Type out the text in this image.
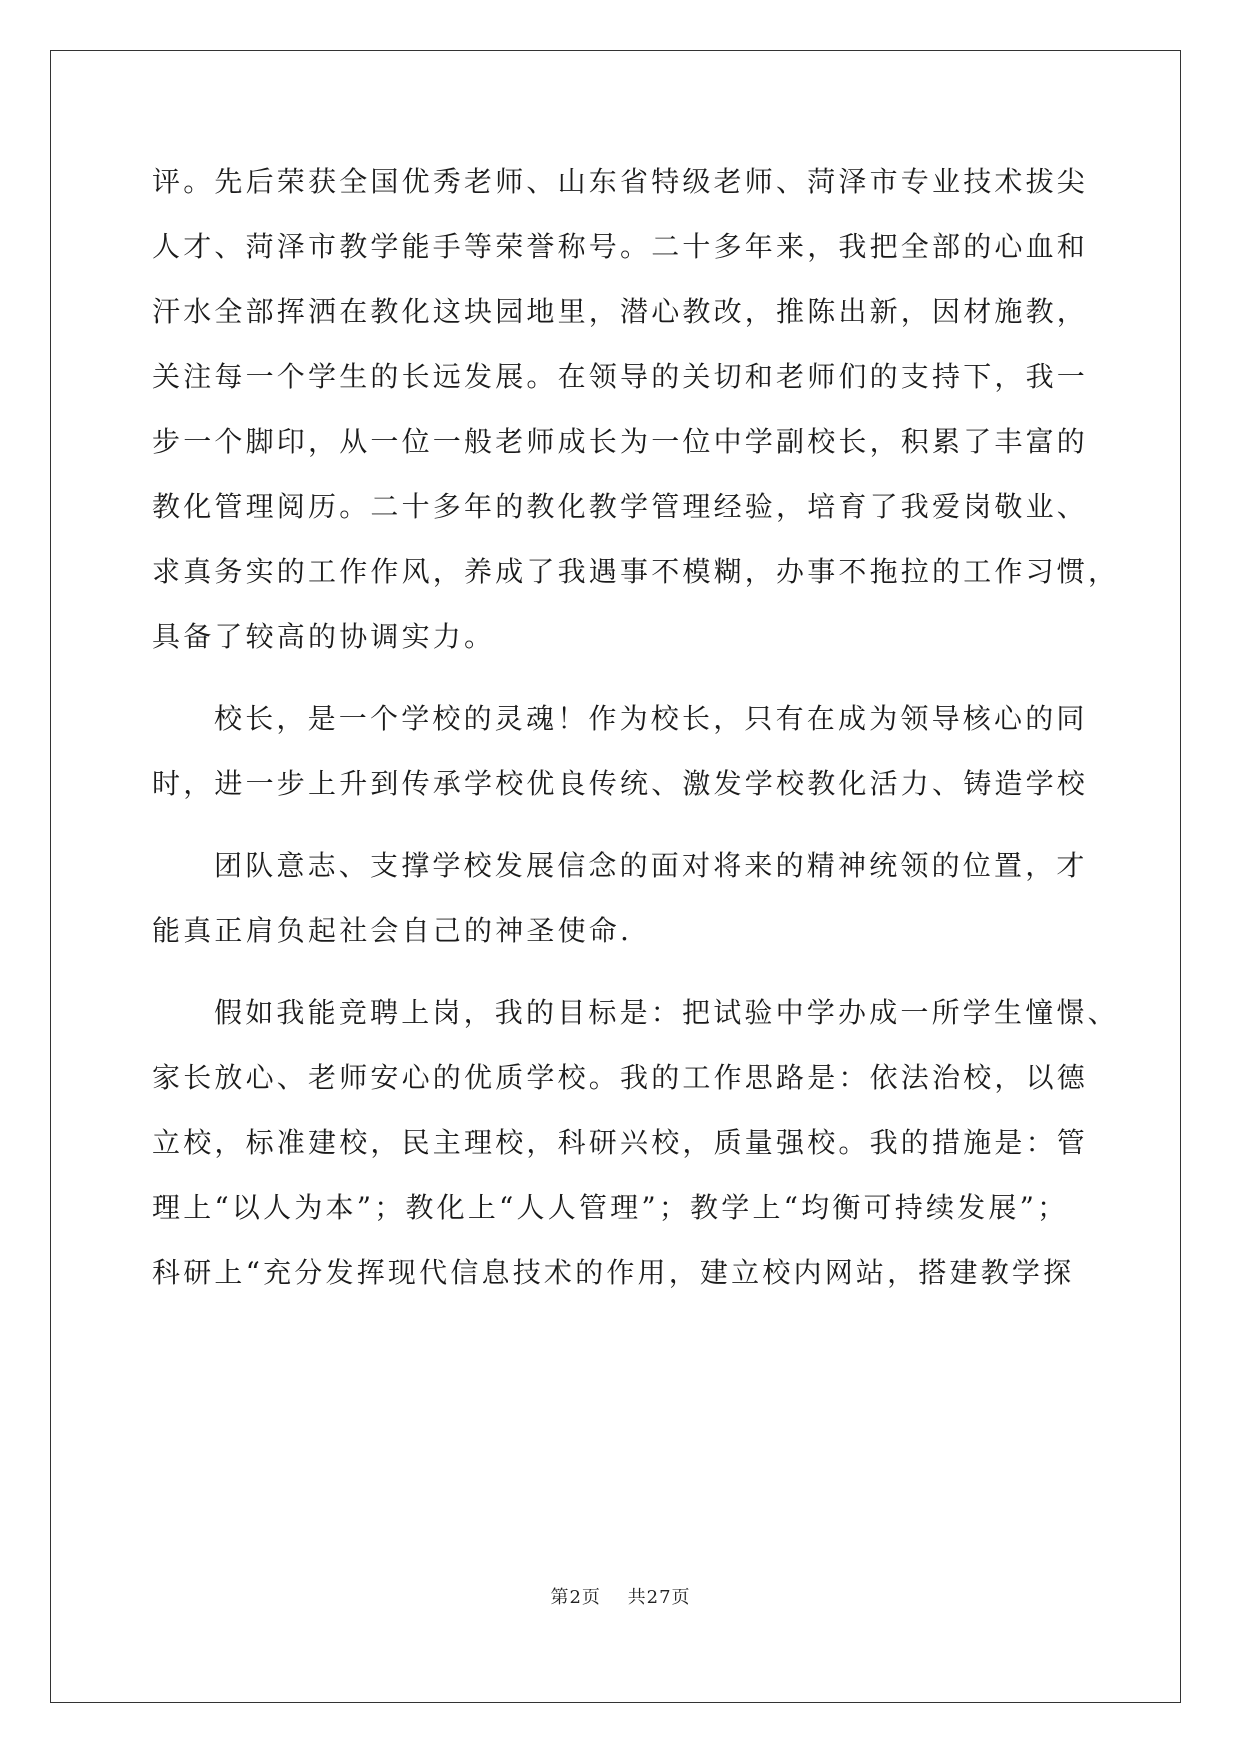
评。先后荣获全国优秀老师、山东省特级老师、菏泽市专业技术拔尖
人才、菏泽市教学能手等荣誉称号。二十多年来，我把全部的心血和
汗水全部挥洒在教化这块园地里，潜心教改，推陈出新，因材施教，
关注每一个学生的长远发展。在领导的关切和老师们的支持下，我一
步一个脚印，从一位一般老师成长为一位中学副校长，积累了丰富的
教化管理阅历。二十多年的教化教学管理经验，培育了我爱岗敬业、
求真务实的工作作风，养成了我遇事不模糊，办事不拖拉的工作习惯，
具备了较高的协调实力。
校长，是一个学校的灵魂！作为校长，只有在成为领导核心的同
时，进一步上升到传承学校优良传统、激发学校教化活力、铸造学校
团队意志、支撑学校发展信念的面对将来的精神统领的位置，才
能真正肩负起社会自己的神圣使命.
假如我能竞聘上岗，我的目标是：把试验中学办成一所学生憧憬、
家长放心、老师安心的优质学校。我的工作思路是：依法治校，以德
立校，标准建校，民主理校，科研兴校，质量强校。我的措施是：管
理上“以人为本”；教化上“人人管理”；教学上“均衡可持续发展”；
科研上“充分发挥现代信息技术的作用，建立校内网站，搭建教学探
第2页 共27页
